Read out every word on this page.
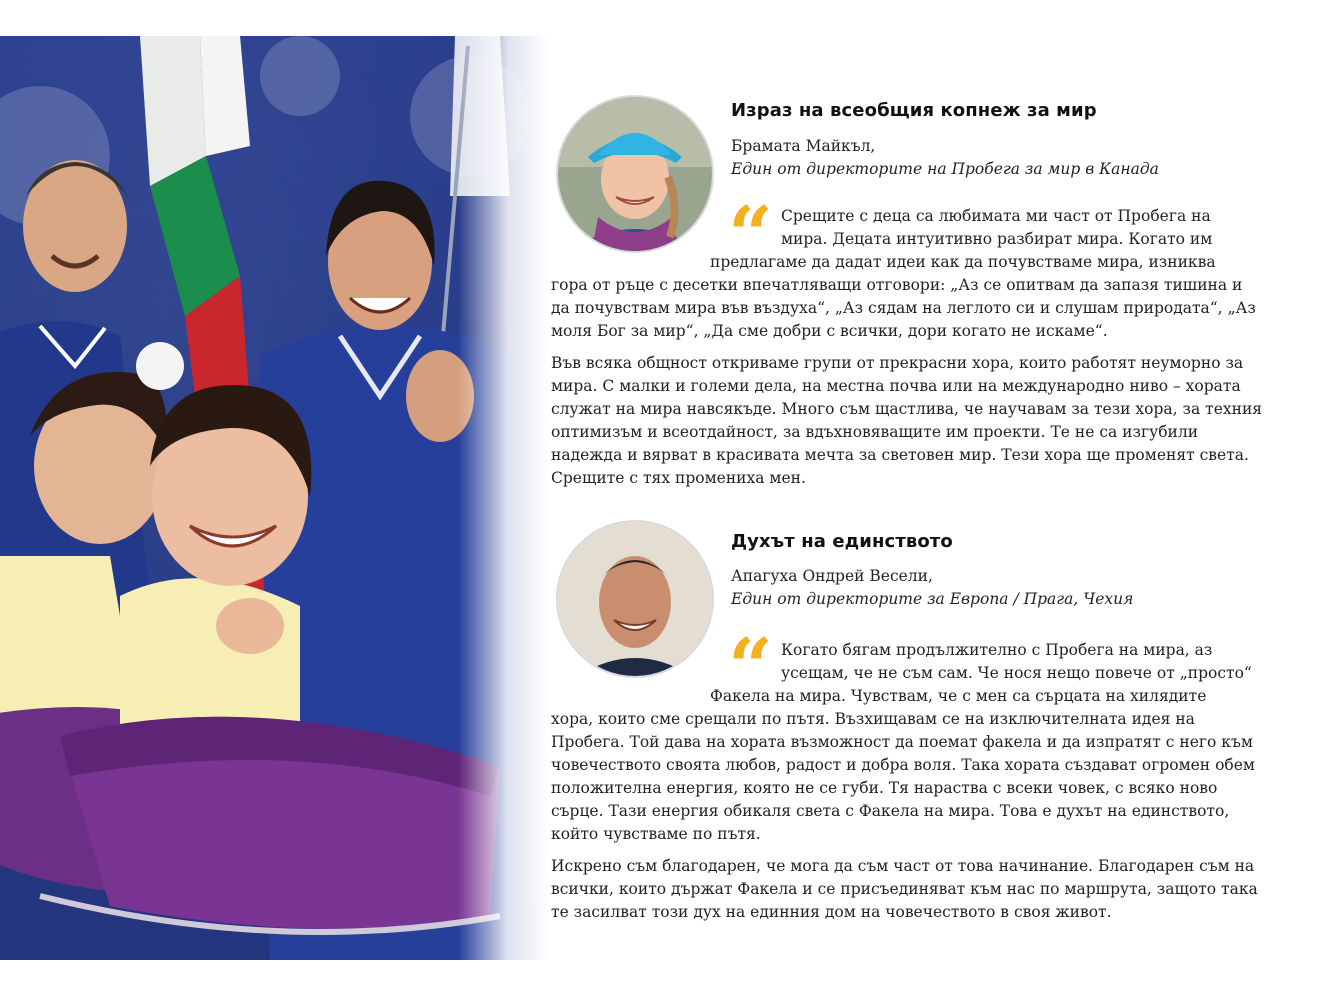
Израз на всеобщия копнеж за мир
Брамата Майкъл,
Един от директорите на Пробега за мир в Канада
“ Срещите с деца са любимата ми част от Пробега на
мира. Децата интуитивно разбират мира. Когато им
предлагаме да дадат идеи как да почувстваме мира, изниква
гора от ръце с десетки впечатляващи отговори: „Аз се опитвам да запазя тишина и
да почувствам мира във въздуха“, „Аз сядам на леглото си и слушам природата“, „Аз
моля Бог за мир“, „Да сме добри с всички, дори когато не искаме“.
Във всяка общност откриваме групи от прекрасни хора, които работят неуморно за
мира. С малки и големи дела, на местна почва или на международно ниво – хората
служат на мира навсякъде. Много съм щастлива, че научавам за тези хора, за техния
оптимизъм и всеотдайност, за вдъхновяващите им проекти. Те не са изгубили
надежда и вярват в красивата мечта за световен мир. Тези хора ще променят света.
Срещите с тях промениха мен.
Духът на единството
Апагуха Ондрей Весели,
Един от директорите за Европа / Прага, Чехия
“ Когато бягам продължително с Пробега на мира, аз
усещам, че не съм сам. Че нося нещо повече от „просто“
Факела на мира. Чувствам, че с мен са сърцата на хилядите
хора, които сме срещали по пътя. Възхищавам се на изключителната идея на
Пробега. Той дава на хората възможност да поемат факела и да изпратят с него към
човечеството своята любов, радост и добра воля. Така хората създават огромен обем
положителна енергия, която не се губи. Тя нараства с всеки човек, с всяко ново
сърце. Тази енергия обикаля света с Факела на мира. Това е духът на единството,
който чувстваме по пътя.
Искрено съм благодарен, че мога да съм част от това начинание. Благодарен съм на
всички, които държат Факела и се присъединяват към нас по маршрута, защото така
те засилват този дух на единния дом на човечеството в своя живот.
